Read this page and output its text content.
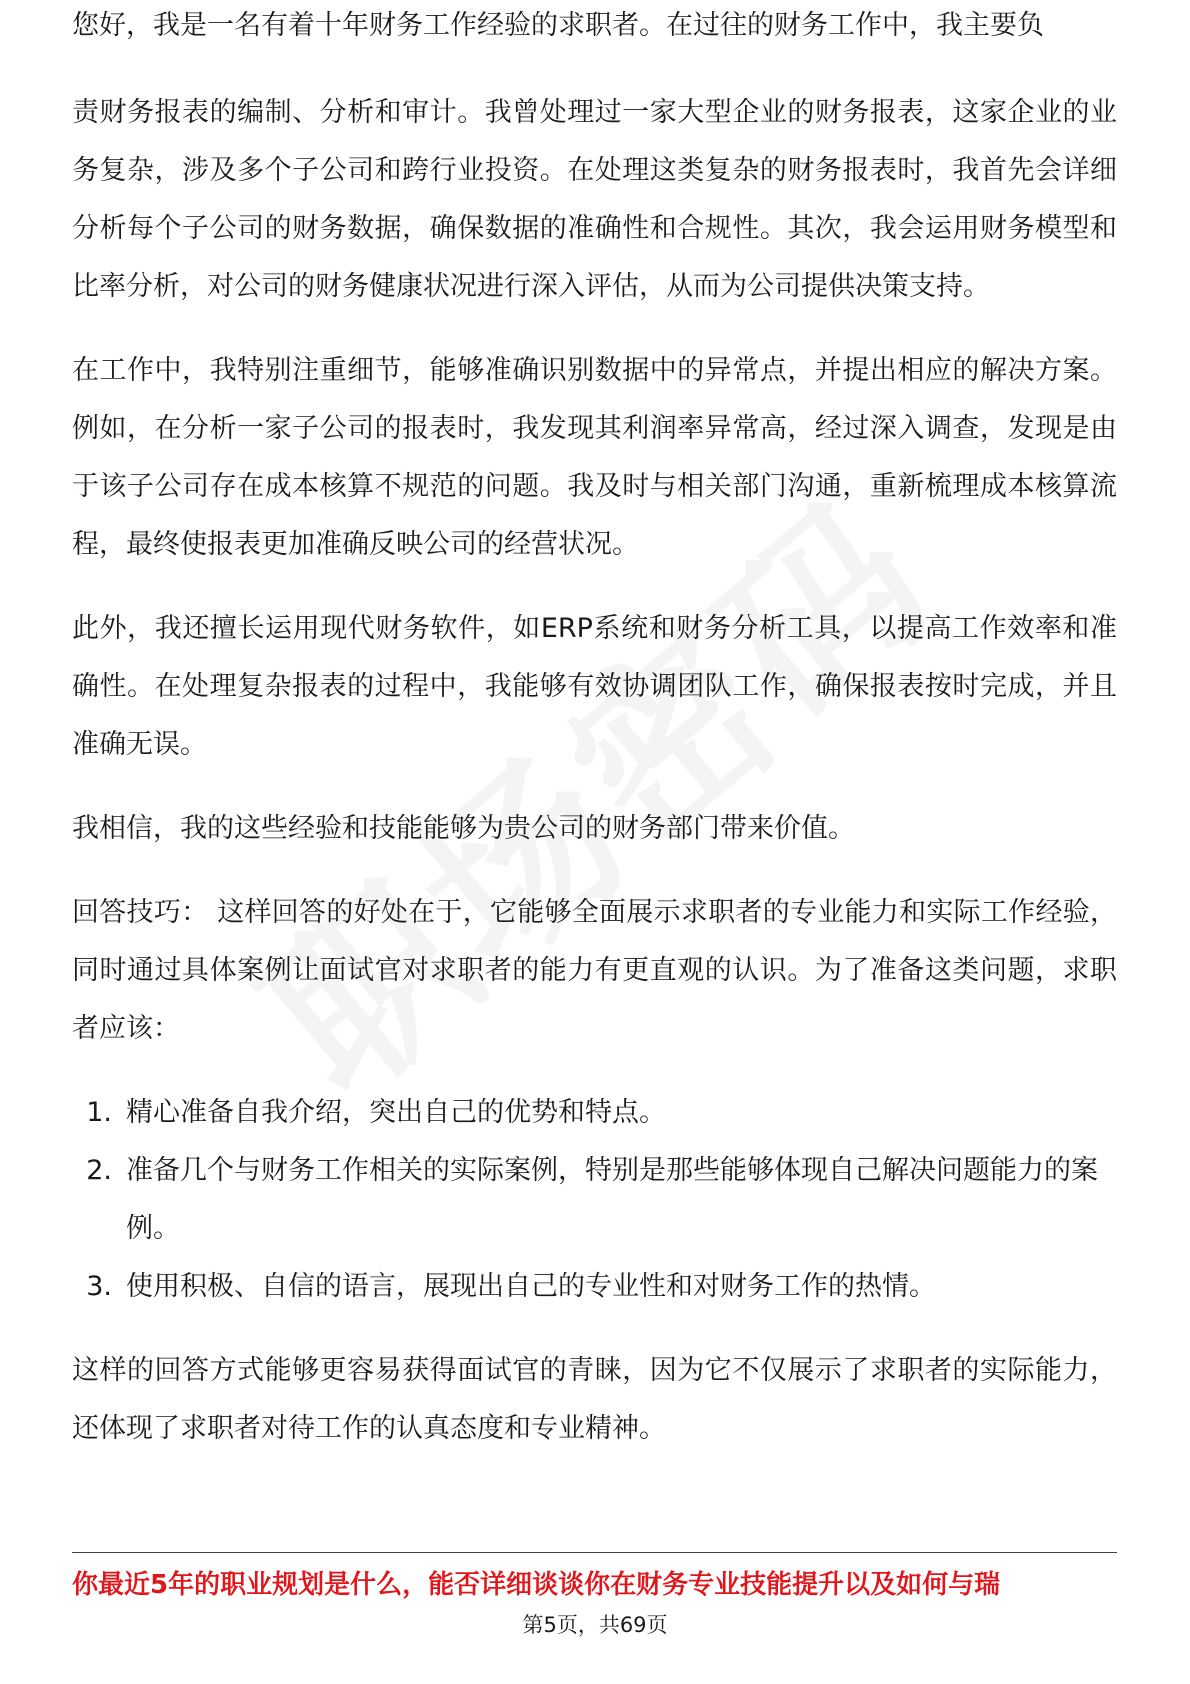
您好，我是一名有着十年财务工作经验的求职者。在过往的财务工作中，我主要负

责财务报表的编制、分析和审计。我曾处理过一家大型企业的财务报表，这家企业的业务复杂，涉及多个子公司和跨行业投资。在处理这类复杂的财务报表时，我首先会详细分析每个子公司的财务数据，确保数据的准确性和合规性。其次，我会运用财务模型和比率分析，对公司的财务健康状况进行深入评估，从而为公司提供决策支持。

在工作中，我特别注重细节，能够准确识别数据中的异常点，并提出相应的解决方案。例如，在分析一家子公司的报表时，我发现其利润率异常高，经过深入调查，发现是由于该子公司存在成本核算不规范的问题。我及时与相关部门沟通，重新梳理成本核算流程，最终使报表更加准确反映公司的经营状况。

此外，我还擅长运用现代财务软件，如ERP系统和财务分析工具，以提高工作效率和准确性。在处理复杂报表的过程中，我能够有效协调团队工作，确保报表按时完成，并且准确无误。

我相信，我的这些经验和技能能够为贵公司的财务部门带来价值。

回答技巧： 这样回答的好处在于，它能够全面展示求职者的专业能力和实际工作经验，同时通过具体案例让面试官对求职者的能力有更直观的认识。为了准备这类问题，求职者应该：

1. 精心准备自我介绍，突出自己的优势和特点。
2. 准备几个与财务工作相关的实际案例，特别是那些能够体现自己解决问题能力的案例。
3. 使用积极、自信的语言，展现出自己的专业性和对财务工作的热情。

这样的回答方式能够更容易获得面试官的青睐，因为它不仅展示了求职者的实际能力，还体现了求职者对待工作的认真态度和专业精神。

你最近5年的职业规划是什么，能否详细谈谈你在财务专业技能提升以及如何与瑞
第5页，共69页
